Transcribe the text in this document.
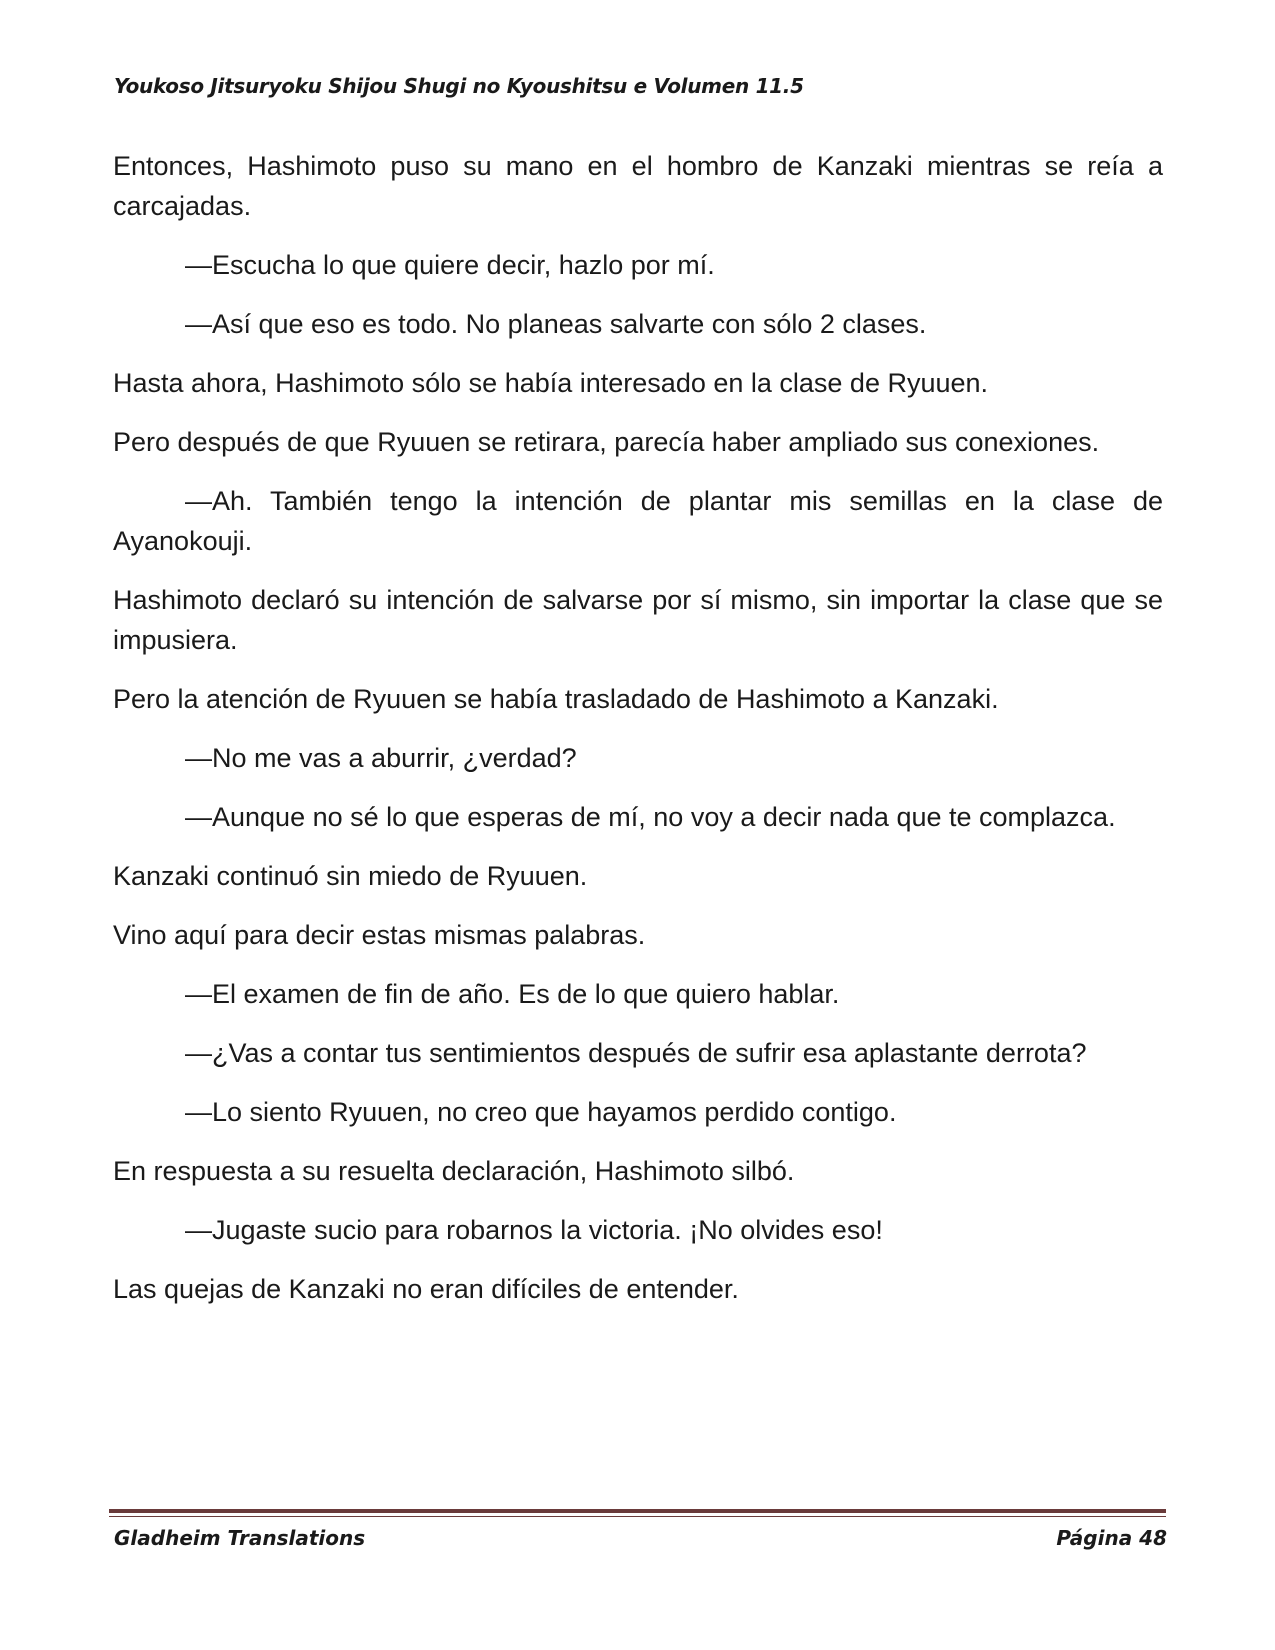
Youkoso Jitsuryoku Shijou Shugi no Kyoushitsu e Volumen 11.5

Entonces, Hashimoto puso su mano en el hombro de Kanzaki mientras se reía a carcajadas.

—Escucha lo que quiere decir, hazlo por mí.

—Así que eso es todo. No planeas salvarte con sólo 2 clases.

Hasta ahora, Hashimoto sólo se había interesado en la clase de Ryuuen.

Pero después de que Ryuuen se retirara, parecía haber ampliado sus conexiones.

—Ah. También tengo la intención de plantar mis semillas en la clase de Ayanokouji.

Hashimoto declaró su intención de salvarse por sí mismo, sin importar la clase que se impusiera.

Pero la atención de Ryuuen se había trasladado de Hashimoto a Kanzaki.

—No me vas a aburrir, ¿verdad?

—Aunque no sé lo que esperas de mí, no voy a decir nada que te complazca.

Kanzaki continuó sin miedo de Ryuuen.

Vino aquí para decir estas mismas palabras.

—El examen de fin de año. Es de lo que quiero hablar.

—¿Vas a contar tus sentimientos después de sufrir esa aplastante derrota?

—Lo siento Ryuuen, no creo que hayamos perdido contigo.

En respuesta a su resuelta declaración, Hashimoto silbó.

—Jugaste sucio para robarnos la victoria. ¡No olvides eso!

Las quejas de Kanzaki no eran difíciles de entender.

Gladheim Translations	Página 48
